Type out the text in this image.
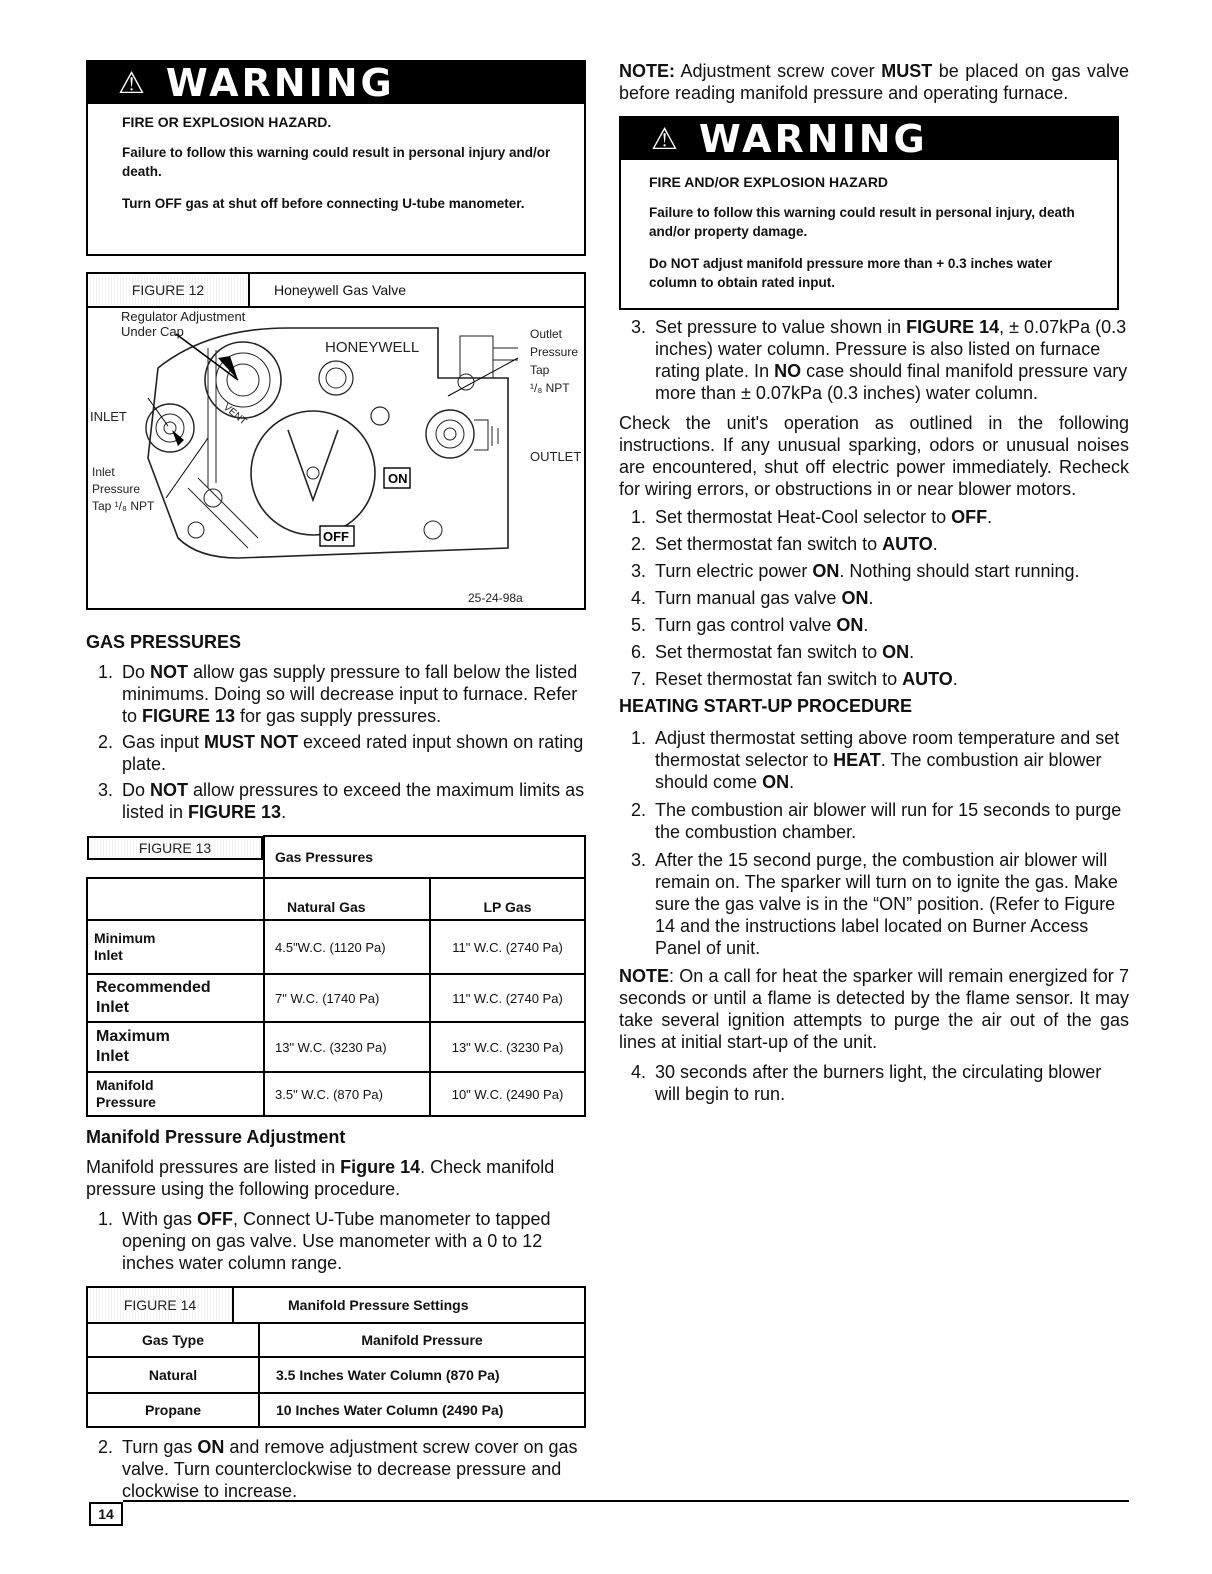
⚠ WARNING
FIRE OR EXPLOSION HAZARD.
Failure to follow this warning could result in personal injury and/or death.
Turn OFF gas at shut off before connecting U-tube manometer.
FIGURE 12	Honeywell Gas Valve
Regulator Adjustment
Under Cap
HONEYWELL
Outlet
Pressure
Tap
¹/₈ NPT
VENT
INLET
OUTLET
Inlet
Pressure
Tap ¹/₈ NPT
25-24-98a
ON
OFF
GAS PRESSURES
1. Do NOT allow gas supply pressure to fall below the listed minimums. Doing so will decrease input to furnace. Refer to FIGURE 13 for gas supply pressures.
2. Gas input MUST NOT exceed rated input shown on rating plate.
3. Do NOT allow pressures to exceed the maximum limits as listed in FIGURE 13.
FIGURE 13
Gas Pressures	
	Natural Gas	LP Gas

Minimum
Inlet	4.5"W.C. (1120 Pa)	11" W.C. (2740 Pa)

Recommended
Inlet	7" W.C. (1740 Pa)	11" W.C. (2740 Pa)

Maximum
Inlet	13" W.C. (3230 Pa)	13" W.C. (3230 Pa)

Manifold
Pressure	3.5" W.C. (870 Pa)	10" W.C. (2490 Pa)
Manifold Pressure Adjustment

Manifold pressures are listed in Figure 14. Check manifold pressure using the following procedure.

1. With gas OFF, Connect U-Tube manometer to tapped opening on gas valve. Use manometer with a 0 to 12 inches water column range.
FIGURE 14	Manifold Pressure Settings
Gas Type	Manifold Pressure
Natural	3.5 Inches Water Column (870 Pa)
Propane	10 Inches Water Column (2490 Pa)
2. Turn gas ON and remove adjustment screw cover on gas valve. Turn counterclockwise to decrease pressure and clockwise to increase.
14

NOTE: Adjustment screw cover MUST be placed on gas valve before reading manifold pressure and operating furnace.

⚠ WARNING
FIRE AND/OR EXPLOSION HAZARD
Failure to follow this warning could result in personal injury, death and/or property damage.
Do NOT adjust manifold pressure more than + 0.3 inches water column to obtain rated input.
3. Set pressure to value shown in FIGURE 14, ± 0.07kPa (0.3 inches) water column. Pressure is also listed on furnace rating plate. In NO case should final manifold pressure vary more than ± 0.07kPa (0.3 inches) water column.

Check the unit's operation as outlined in the following instructions. If any unusual sparking, odors or unusual noises are encountered, shut off electric power immediately. Recheck for wiring errors, or obstructions in or near blower motors.

1. Set thermostat Heat-Cool selector to OFF.
2. Set thermostat fan switch to AUTO.
3. Turn electric power ON. Nothing should start running.
4. Turn manual gas valve ON.
5. Turn gas control valve ON.
6. Set thermostat fan switch to ON.
7. Reset thermostat fan switch to AUTO.
HEATING START-UP PROCEDURE
1. Adjust thermostat setting above room temperature and set thermostat selector to HEAT. The combustion air blower should come ON.
2. The combustion air blower will run for 15 seconds to purge the combustion chamber.
3. After the 15 second purge, the combustion air blower will remain on. The sparker will turn on to ignite the gas. Make sure the gas valve is in the “ON” position. (Refer to Figure 14 and the instructions label located on Burner Access Panel of unit.

NOTE: On a call for heat the sparker will remain energized for 7 seconds or until a flame is detected by the flame sensor. It may take several ignition attempts to purge the air out of the gas lines at initial start-up of the unit.

4. 30 seconds after the burners light, the circulating blower will begin to run.
